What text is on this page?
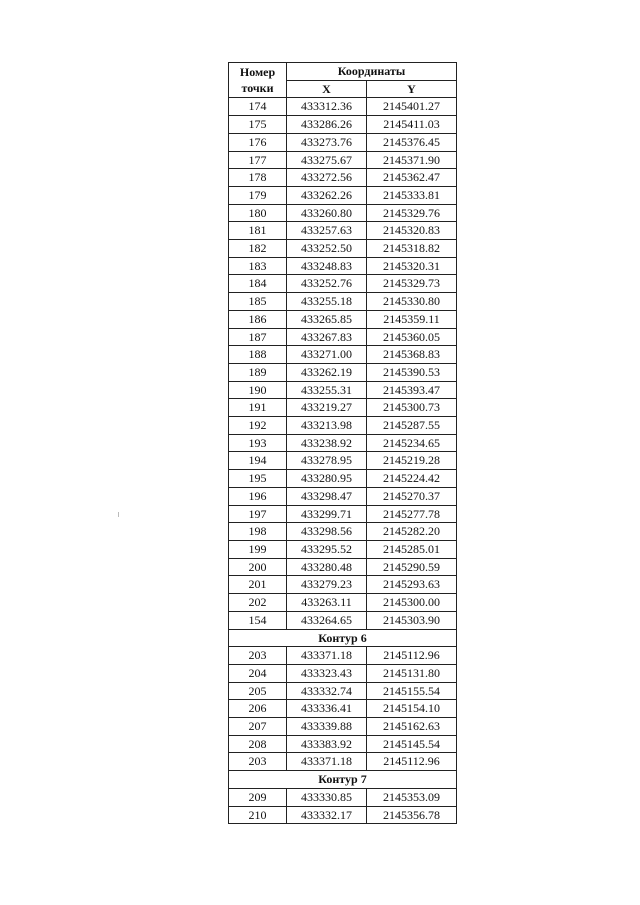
Номер точки	Координаты	
	X	Y
174	433312.36	2145401.27
175	433286.26	2145411.03
176	433273.76	2145376.45
177	433275.67	2145371.90
178	433272.56	2145362.47
179	433262.26	2145333.81
180	433260.80	2145329.76
181	433257.63	2145320.83
182	433252.50	2145318.82
183	433248.83	2145320.31
184	433252.76	2145329.73
185	433255.18	2145330.80
186	433265.85	2145359.11
187	433267.83	2145360.05
188	433271.00	2145368.83
189	433262.19	2145390.53
190	433255.31	2145393.47
191	433219.27	2145300.73
192	433213.98	2145287.55
193	433238.92	2145234.65
194	433278.95	2145219.28
195	433280.95	2145224.42
196	433298.47	2145270.37
197	433299.71	2145277.78
198	433298.56	2145282.20
199	433295.52	2145285.01
200	433280.48	2145290.59
201	433279.23	2145293.63
202	433263.11	2145300.00
154	433264.65	2145303.90
Контур 6		
203	433371.18	2145112.96
204	433323.43	2145131.80
205	433332.74	2145155.54
206	433336.41	2145154.10
207	433339.88	2145162.63
208	433383.92	2145145.54
203	433371.18	2145112.96
Контур 7		
209	433330.85	2145353.09
210	433332.17	2145356.78
